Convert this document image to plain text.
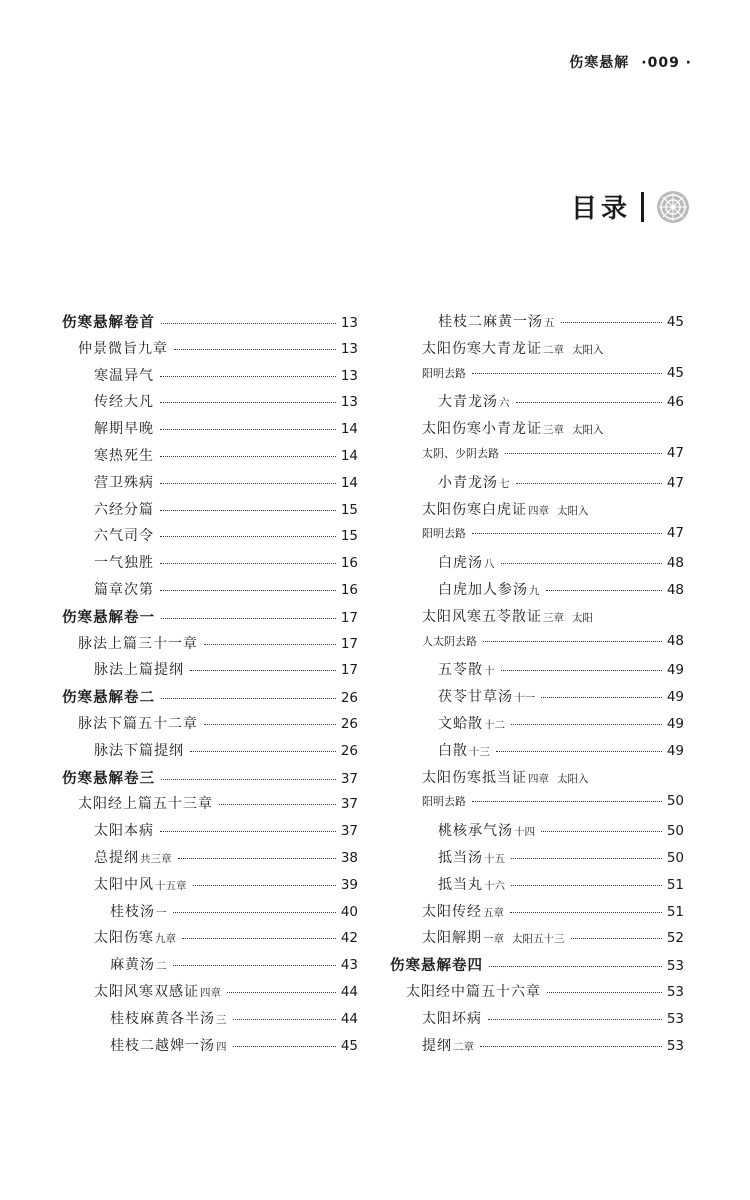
伤寒悬解 ·009 ·
目录
伤寒悬解卷首	13
仲景微旨九章	13
寒温异气	13
传经大凡	13
解期早晚	14
寒热死生	14
营卫殊病	14
六经分篇	15
六气司令	15
一气独胜	16
篇章次第	16
伤寒悬解卷一	17
脉法上篇三十一章	17
脉法上篇提纲	17
伤寒悬解卷二	26
脉法下篇五十二章	26
脉法下篇提纲	26
伤寒悬解卷三	37
太阳经上篇五十三章	37
太阳本病	37
总提纲 共三章	38
太阳中风 十五章	39
桂枝汤 一	40
太阳伤寒 九章	42
麻黄汤 二	43
太阳风寒双感证 四章	44
桂枝麻黄各半汤 三	44
桂枝二越婢一汤 四	45
桂枝二麻黄一汤 五	45
太阳伤寒大青龙证 二章 太阳入
阳明去路	45
大青龙汤 六	46
太阳伤寒小青龙证 三章 太阳入
太阴、少阴去路	47
小青龙汤 七	47
太阳伤寒白虎证 四章 太阳入
阳明去路	47
白虎汤 八	48
白虎加人参汤 九	48
太阳风寒五苓散证 三章 太阳
人太阴去路	48
五苓散 十	49
茯苓甘草汤 十一	49
文蛤散 十二	49
白散 十三	49
太阳伤寒抵当证 四章 太阳入
阳明去路	50
桃核承气汤 十四	50
抵当汤 十五	50
抵当丸 十六	51
太阳传经 五章	51
太阳解期 一章 太阳五十三	52
伤寒悬解卷四	53
太阳经中篇五十六章	53
太阳坏病	53
提纲 二章	53
